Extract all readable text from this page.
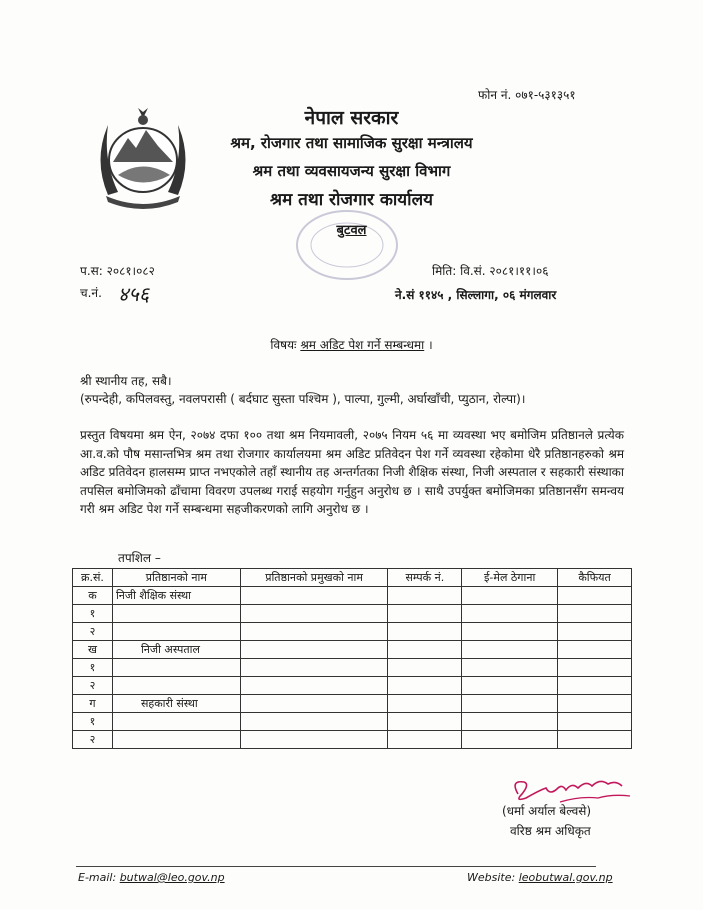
फोन नं. ०७१-५३१३५१
नेपाल सरकार
श्रम, रोजगार तथा सामाजिक सुरक्षा मन्त्रालय
श्रम तथा व्यवसायजन्य सुरक्षा विभाग
श्रम तथा रोजगार कार्यालय
बुटवल
प.स: २०८१।०८२
च.नं. ४५६
मिति: वि.सं. २०८१।११।०६
ने.सं ११४५ , सिल्लागा, ०६ मंगलवार
विषयः श्रम अडिट पेश गर्ने सम्बन्धमा ।
श्री स्थानीय तह, सबै।
(रुपन्देही, कपिलवस्तु, नवलपरासी ( बर्दघाट सुस्ता पश्चिम ), पाल्पा, गुल्मी, अर्घाखाँची, प्युठान, रोल्पा)।
प्रस्तुत विषयमा श्रम ऐन, २०७४ दफा १०० तथा श्रम नियमावली, २०७५ नियम ५६ मा व्यवस्था भए बमोजिम प्रतिष्ठानले प्रत्येक आ.व.को पौष मसान्तभित्र श्रम तथा रोजगार कार्यालयमा श्रम अडिट प्रतिवेदन पेश गर्ने व्यवस्था रहेकोमा धेरै प्रतिष्ठानहरुको श्रम अडिट प्रतिवेदन हालसम्म प्राप्त नभएकोले तहाँ स्थानीय तह अन्तर्गतका निजी शैक्षिक संस्था, निजी अस्पताल र सहकारी संस्थाका तपसिल बमोजिमको ढाँचामा विवरण उपलब्ध गराई सहयोग गर्नुहुन अनुरोध छ । साथै उपर्युक्त बमोजिमका प्रतिष्ठानसँग समन्वय गरी श्रम अडिट पेश गर्ने सम्बन्धमा सहजीकरणको लागि अनुरोध छ ।
तपशिल –
क्र.सं.	प्रतिष्ठानको नाम	प्रतिष्ठानको प्रमुखको नाम	सम्पर्क नं.	ई-मेल ठेगाना	कैफियत
क	निजी शैक्षिक संस्था				
१					
२					
ख	निजी अस्पताल				
१					
२					
ग	सहकारी संस्था				
१					
२					
(धर्मा अर्याल बेल्वसे)
वरिष्ठ श्रम अधिकृत
E-mail: butwal@leo.gov.np	Website: leobutwal.gov.np
